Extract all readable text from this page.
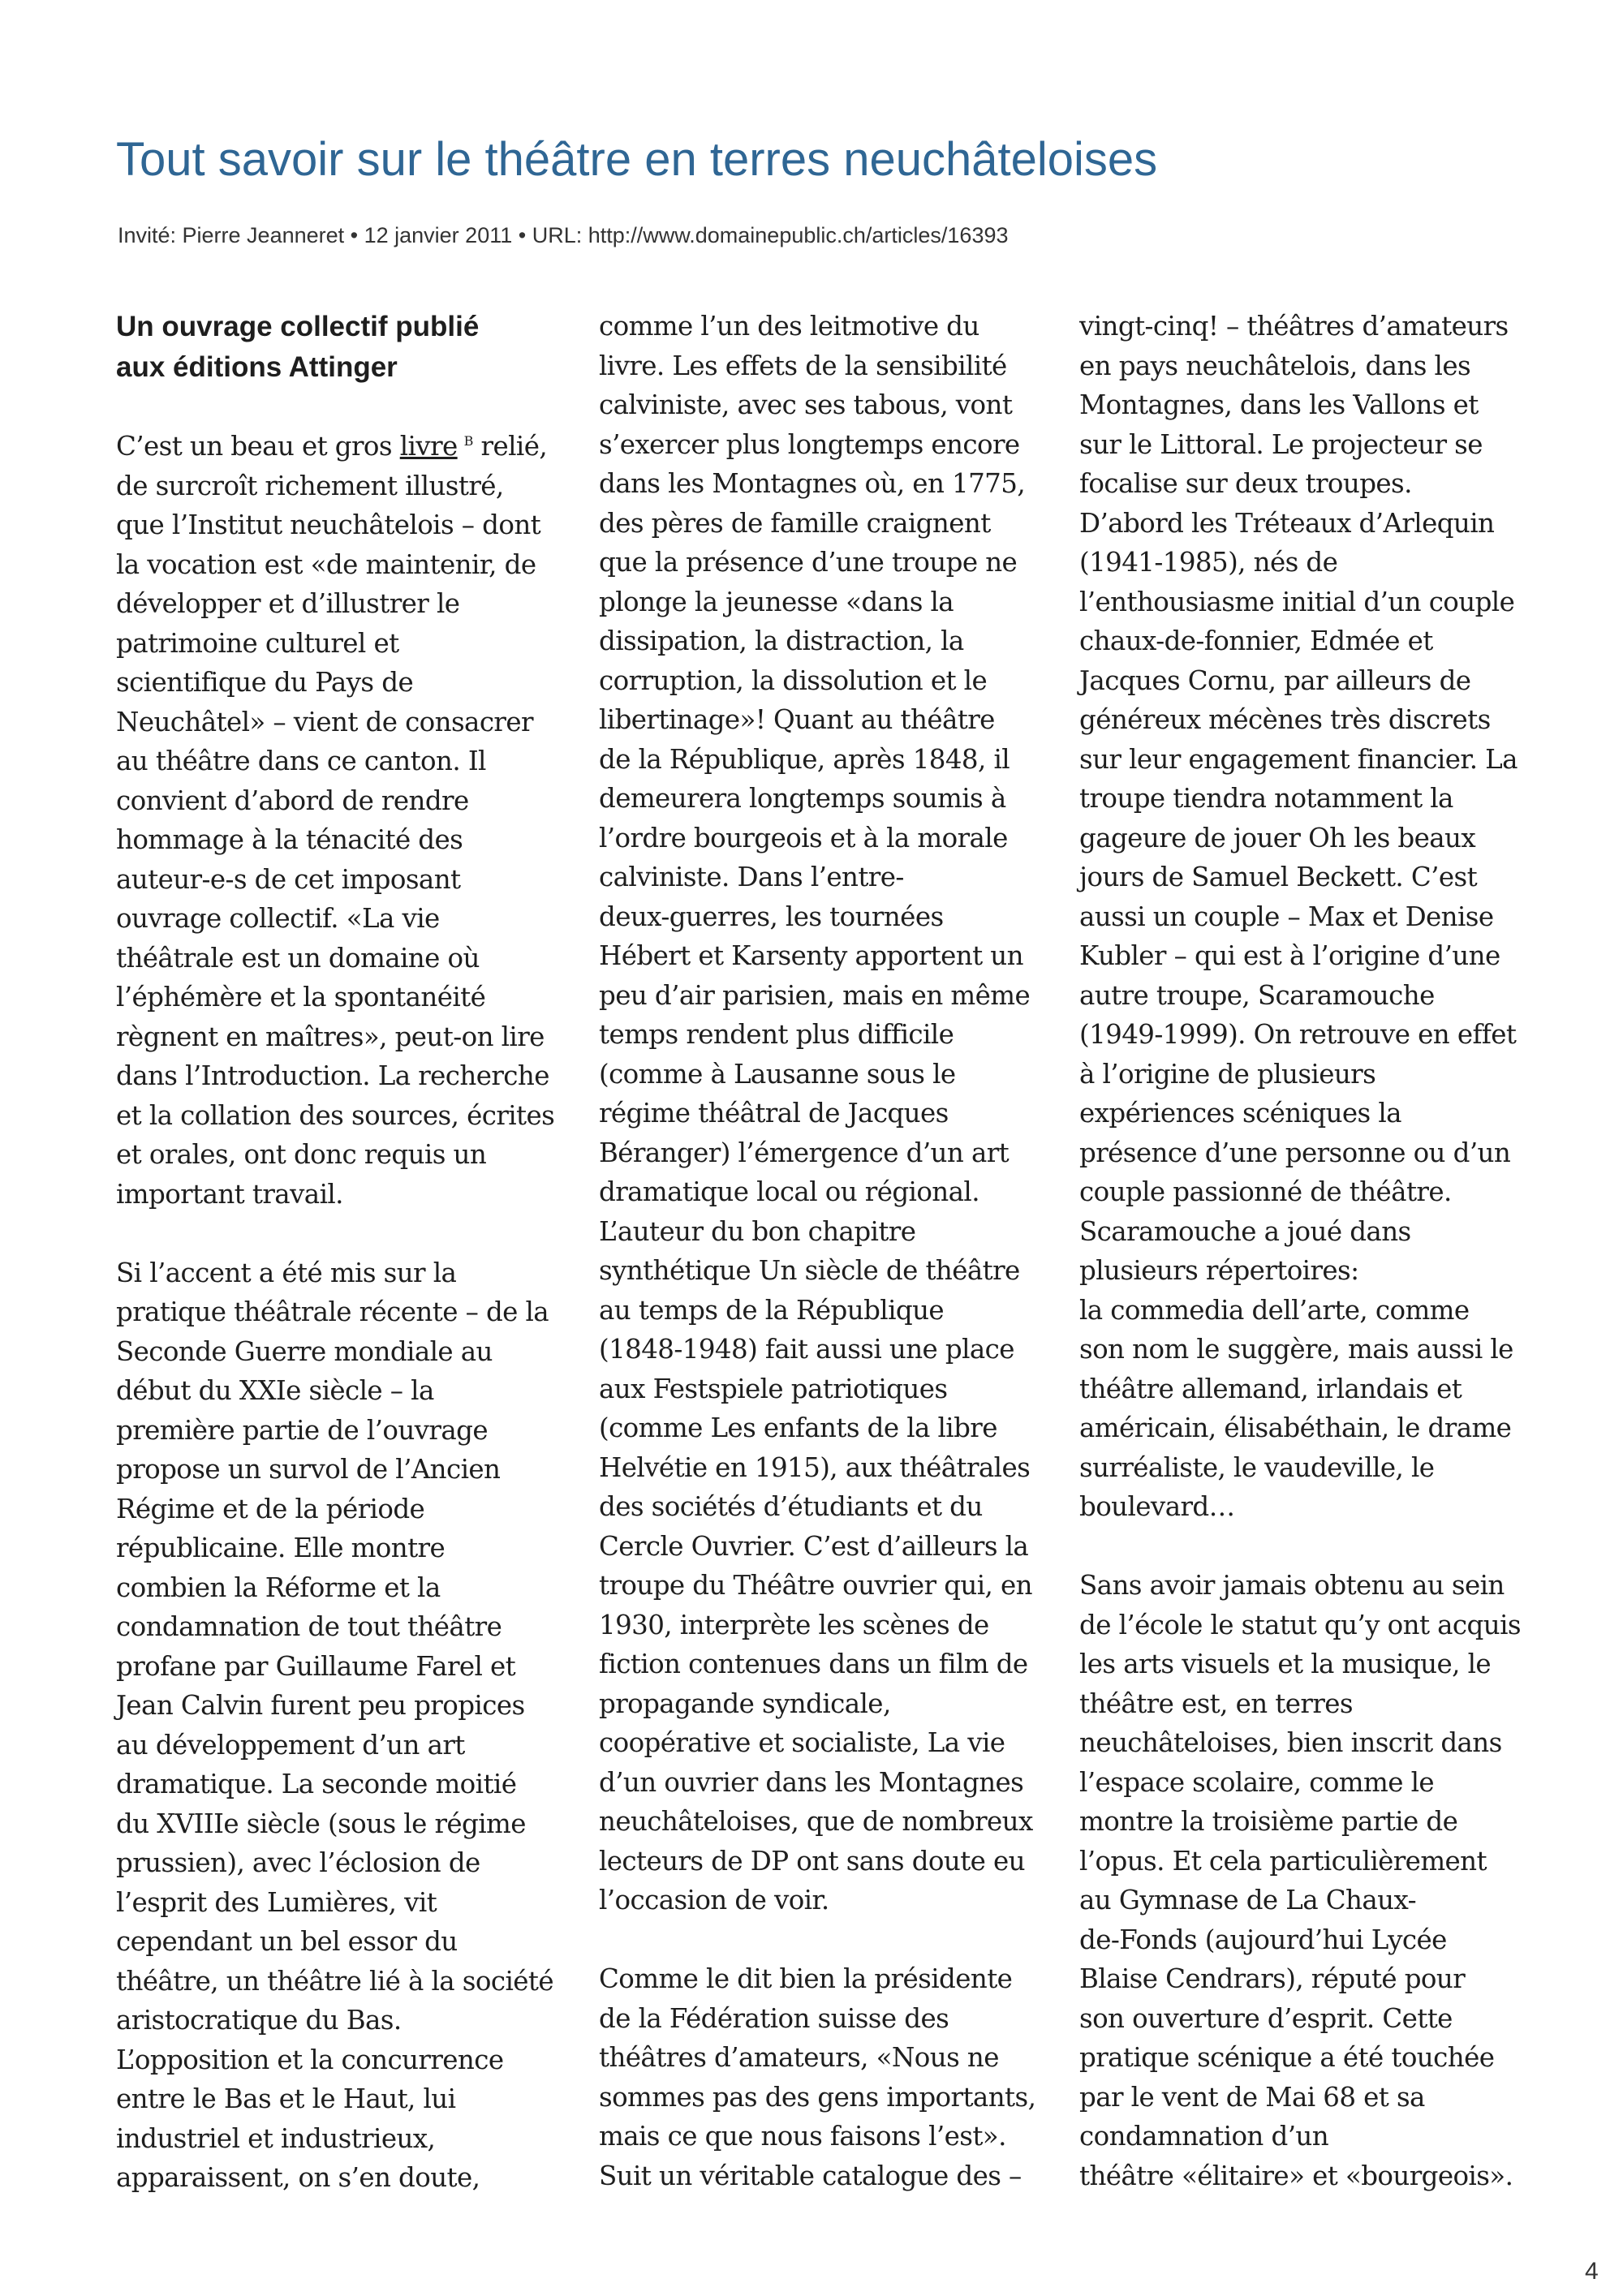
Tout savoir sur le théâtre en terres neuchâteloises
Invité: Pierre Jeanneret • 12 janvier 2011 • URL: http://www.domainepublic.ch/articles/16393
Un ouvrage collectif publié
aux éditions Attinger

C’est un beau et gros livre $^B$ relié,
de surcroît richement illustré,
que l’Institut neuchâtelois – dont
la vocation est «de maintenir, de
développer et d’illustrer le
patrimoine culturel et
scientifique du Pays de
Neuchâtel» – vient de consacrer
au théâtre dans ce canton. Il
convient d’abord de rendre
hommage à la ténacité des
auteur-e-s de cet imposant
ouvrage collectif. «La vie
théâtrale est un domaine où
l’éphémère et la spontanéité
règnent en maîtres», peut-on lire
dans l’Introduction. La recherche
et la collation des sources, écrites
et orales, ont donc requis un
important travail.

Si l’accent a été mis sur la
pratique théâtrale récente – de la
Seconde Guerre mondiale au
début du XXIe siècle – la
première partie de l’ouvrage
propose un survol de l’Ancien
Régime et de la période
républicaine. Elle montre
combien la Réforme et la
condamnation de tout théâtre
profane par Guillaume Farel et
Jean Calvin furent peu propices
au développement d’un art
dramatique. La seconde moitié
du XVIIIe siècle (sous le régime
prussien), avec l’éclosion de
l’esprit des Lumières, vit
cependant un bel essor du
théâtre, un théâtre lié à la société
aristocratique du Bas.
L’opposition et la concurrence
entre le Bas et le Haut, lui
industriel et industrieux,
apparaissent, on s’en doute,

comme l’un des leitmotive du
livre. Les effets de la sensibilité
calviniste, avec ses tabous, vont
s’exercer plus longtemps encore
dans les Montagnes où, en 1775,
des pères de famille craignent
que la présence d’une troupe ne
plonge la jeunesse «dans la
dissipation, la distraction, la
corruption, la dissolution et le
libertinage»! Quant au théâtre
de la République, après 1848, il
demeurera longtemps soumis à
l’ordre bourgeois et à la morale
calviniste. Dans l’entre-
deux-guerres, les tournées
Hébert et Karsenty apportent un
peu d’air parisien, mais en même
temps rendent plus difficile
(comme à Lausanne sous le
régime théâtral de Jacques
Béranger) l’émergence d’un art
dramatique local ou régional.
L’auteur du bon chapitre
synthétique Un siècle de théâtre
au temps de la République
(1848-1948) fait aussi une place
aux Festspiele patriotiques
(comme Les enfants de la libre
Helvétie en 1915), aux théâtrales
des sociétés d’étudiants et du
Cercle Ouvrier. C’est d’ailleurs la
troupe du Théâtre ouvrier qui, en
1930, interprète les scènes de
fiction contenues dans un film de
propagande syndicale,
coopérative et socialiste, La vie
d’un ouvrier dans les Montagnes
neuchâteloises, que de nombreux
lecteurs de DP ont sans doute eu
l’occasion de voir.

Comme le dit bien la présidente
de la Fédération suisse des
théâtres d’amateurs, «Nous ne
sommes pas des gens importants,
mais ce que nous faisons l’est».
Suit un véritable catalogue des –

vingt-cinq! – théâtres d’amateurs
en pays neuchâtelois, dans les
Montagnes, dans les Vallons et
sur le Littoral. Le projecteur se
focalise sur deux troupes.
D’abord les Tréteaux d’Arlequin
(1941-1985), nés de
l’enthousiasme initial d’un couple
chaux-de-fonnier, Edmée et
Jacques Cornu, par ailleurs de
généreux mécènes très discrets
sur leur engagement financier. La
troupe tiendra notamment la
gageure de jouer Oh les beaux
jours de Samuel Beckett. C’est
aussi un couple – Max et Denise
Kubler – qui est à l’origine d’une
autre troupe, Scaramouche
(1949-1999). On retrouve en effet
à l’origine de plusieurs
expériences scéniques la
présence d’une personne ou d’un
couple passionné de théâtre.
Scaramouche a joué dans
plusieurs répertoires:
la commedia dell’arte, comme
son nom le suggère, mais aussi le
théâtre allemand, irlandais et
américain, élisabéthain, le drame
surréaliste, le vaudeville, le
boulevard…

Sans avoir jamais obtenu au sein
de l’école le statut qu’y ont acquis
les arts visuels et la musique, le
théâtre est, en terres
neuchâteloises, bien inscrit dans
l’espace scolaire, comme le
montre la troisième partie de
l’opus. Et cela particulièrement
au Gymnase de La Chaux-
de-Fonds (aujourd’hui Lycée
Blaise Cendrars), réputé pour
son ouverture d’esprit. Cette
pratique scénique a été touchée
par le vent de Mai 68 et sa
condamnation d’un
théâtre «élitaire» et «bourgeois».

4
